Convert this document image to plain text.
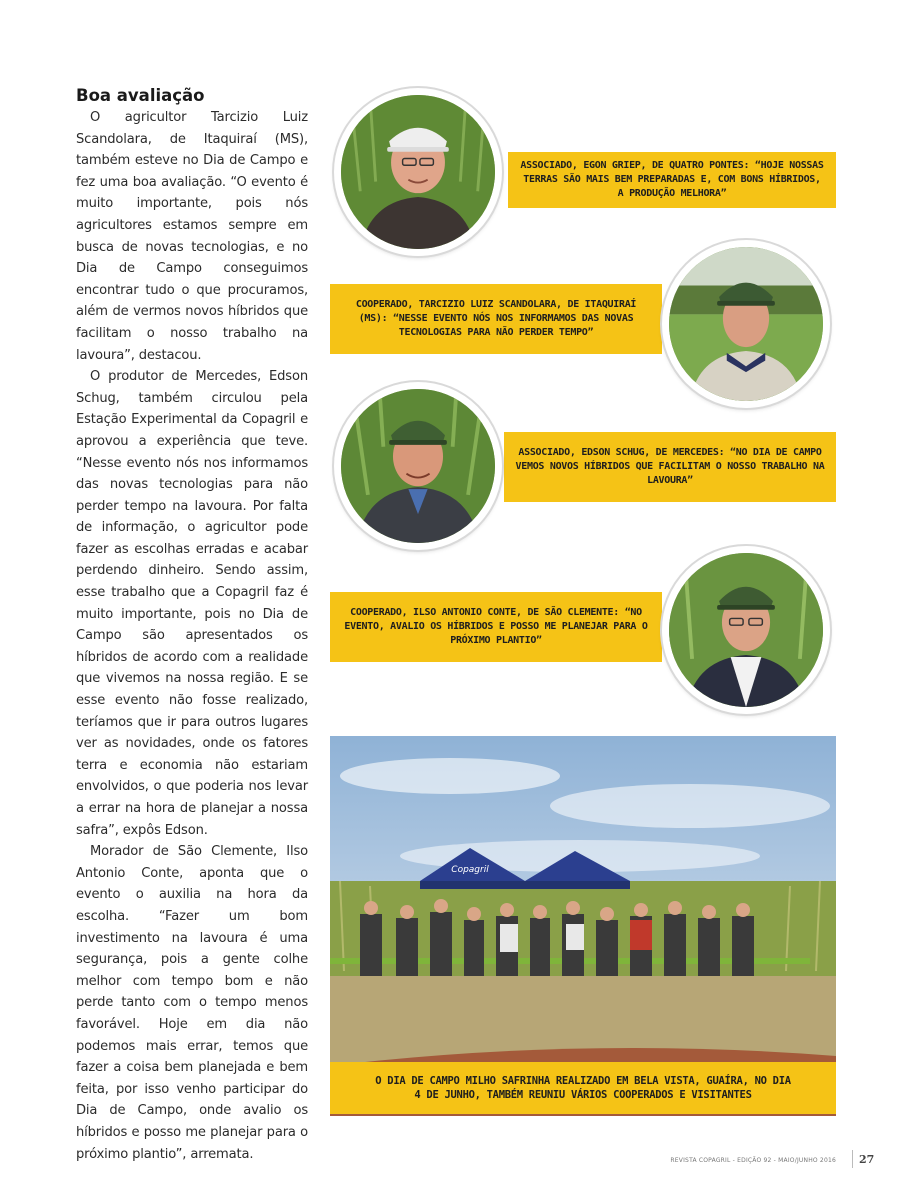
Boa avaliação

O agricultor Tarcizio Luiz Scandolara, de Itaquiraí (MS), também esteve no Dia de Campo e fez uma boa avaliação. “O evento é muito importante, pois nós agricultores estamos sempre em busca de novas tecnologias, e no Dia de Campo conseguimos encontrar tudo o que procuramos, além de vermos novos híbridos que facilitam o nosso trabalho na lavoura”, destacou.

O produtor de Mercedes, Edson Schug, também circulou pela Estação Experimental da Copagril e aprovou a experiência que teve. “Nesse evento nós nos informamos das novas tecnologias para não perder tempo na lavoura. Por falta de informação, o agricultor pode fazer as escolhas erradas e acabar perdendo dinheiro. Sendo assim, esse trabalho que a Copagril faz é muito importante, pois no Dia de Campo são apresentados os híbridos de acordo com a realidade que vivemos na nossa região. E se esse evento não fosse realizado, teríamos que ir para outros lugares ver as novidades, onde os fatores terra e economia não estariam envolvidos, o que poderia nos levar a errar na hora de planejar a nossa safra”, expôs Edson.

Morador de São Clemente, Ilso Antonio Conte, aponta que o evento o auxilia na hora da escolha. “Fazer um bom investimento na lavoura é uma segurança, pois a gente colhe melhor com tempo bom e não perde tanto com o tempo menos favorável. Hoje em dia não podemos mais errar, temos que fazer a coisa bem planejada e bem feita, por isso venho participar do Dia de Campo, onde avalio os híbridos e posso me planejar para o próximo plantio”, arremata.

ASSOCIADO, EGON GRIEP, DE QUATRO PONTES: “HOJE NOSSAS TERRAS SÃO MAIS BEM PREPARADAS E, COM BONS HÍBRIDOS, A PRODUÇÃO MELHORA”
COOPERADO, TARCIZIO LUIZ SCANDOLARA, DE ITAQUIRAÍ (MS): “NESSE EVENTO NÓS NOS INFORMAMOS DAS NOVAS TECNOLOGIAS PARA NÃO PERDER TEMPO”
ASSOCIADO, EDSON SCHUG, DE MERCEDES: “NO DIA DE CAMPO VEMOS NOVOS HÍBRIDOS QUE FACILITAM O NOSSO TRABALHO NA LAVOURA”
COOPERADO, ILSO ANTONIO CONTE, DE SÃO CLEMENTE: “NO EVENTO, AVALIO OS HÍBRIDOS E POSSO ME PLANEJAR PARA O PRÓXIMO PLANTIO”
Copagril
O DIA DE CAMPO MILHO SAFRINHA REALIZADO EM BELA VISTA, GUAÍRA, NO DIA 4 DE JUNHO, TAMBÉM REUNIU VÁRIOS COOPERADOS E VISITANTES
REVISTA COPAGRIL - EDIÇÃO 92 - MAIO/JUNHO 2016 27
